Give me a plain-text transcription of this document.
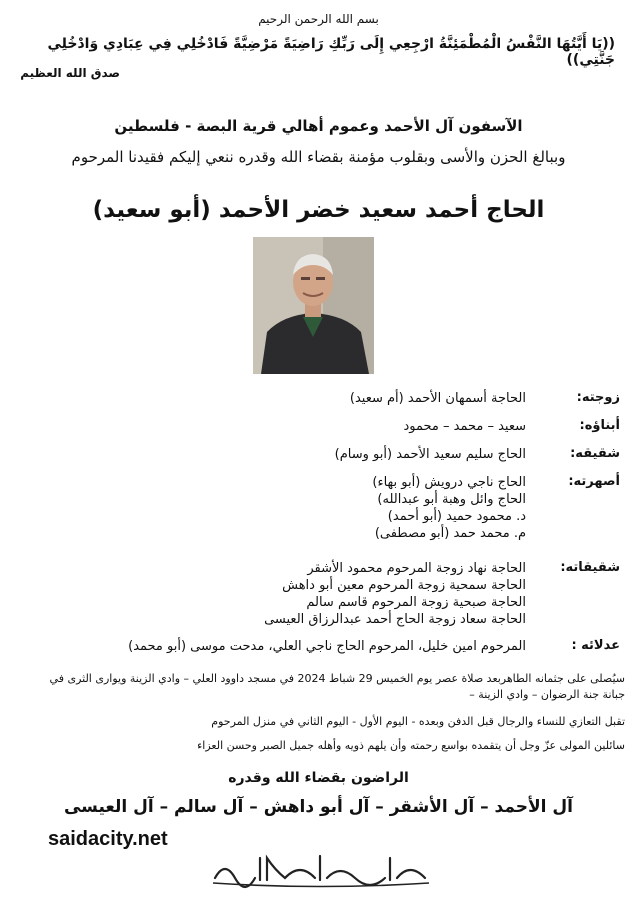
بسم الله الرحمن الرحيم
((يَا أَيَّتُهَا النَّفْسُ الْمُطْمَئِنَّةُ ارْجِعِي إِلَى رَبِّكِ رَاضِيَةً مَرْضِيَّةً فَادْخُلِي فِي عِبَادِي وَادْخُلِي جَنَّتِي))
صدق الله العظيم
الآسفون آل الأحمد وعموم أهالي قرية البصة - فلسطين
وببالغ الحزن والأسى وبقلوب مؤمنة بقضاء الله وقدره ننعي إليكم فقيدنا المرحوم
الحاج أحمد سعيد خضر الأحمد (أبو سعيد)
زوجته:
الحاجة أسمهان الأحمد (أم سعيد)
أبناؤه:
سعيد – محمد – محمود
شقيقه:
الحاج سليم سعيد الأحمد (أبو وسام)
أصهرته:
الحاج ناجي درويش (أبو بهاء)
الحاج وائل وهبة أبو عبدالله)
د. محمود حميد (أبو أحمد)
م. محمد حمد (أبو مصطفى)
شقيقاته:
الحاجة نهاد زوجة المرحوم محمود الأشقر
الحاجة سمحية زوجة المرحوم معين أبو داهش
الحاجة صبحية زوجة المرحوم قاسم سالم
الحاجة سعاد زوجة الحاج أحمد عبدالرزاق العيسى
عدلائه :
المرحوم امين خليل، المرحوم الحاج ناجي العلي، مدحت موسى (أبو محمد)
سيُصلى على جثمانه الطاهربعد صلاة عصر يوم الخميس 29 شباط 2024 في مسجد داوود العلي – وادي الزينة ويوارى الثرى في
جبانة جنة الرضوان – وادي الزينة –
تقبل التعازي للنساء والرجال قبل الدفن وبعده - اليوم الأول - اليوم الثاني في منزل المرحوم
سائلين المولى عزّ وجل أن يتقمده بواسع رحمته وأن يلهم ذويه وأهله جميل الصبر وحسن العزاء
الراضون بقضاء الله وقدره
آل الأحمد – آل الأشقر – آل أبو داهش – آل سالم – آل العيسى
saidacity.net
